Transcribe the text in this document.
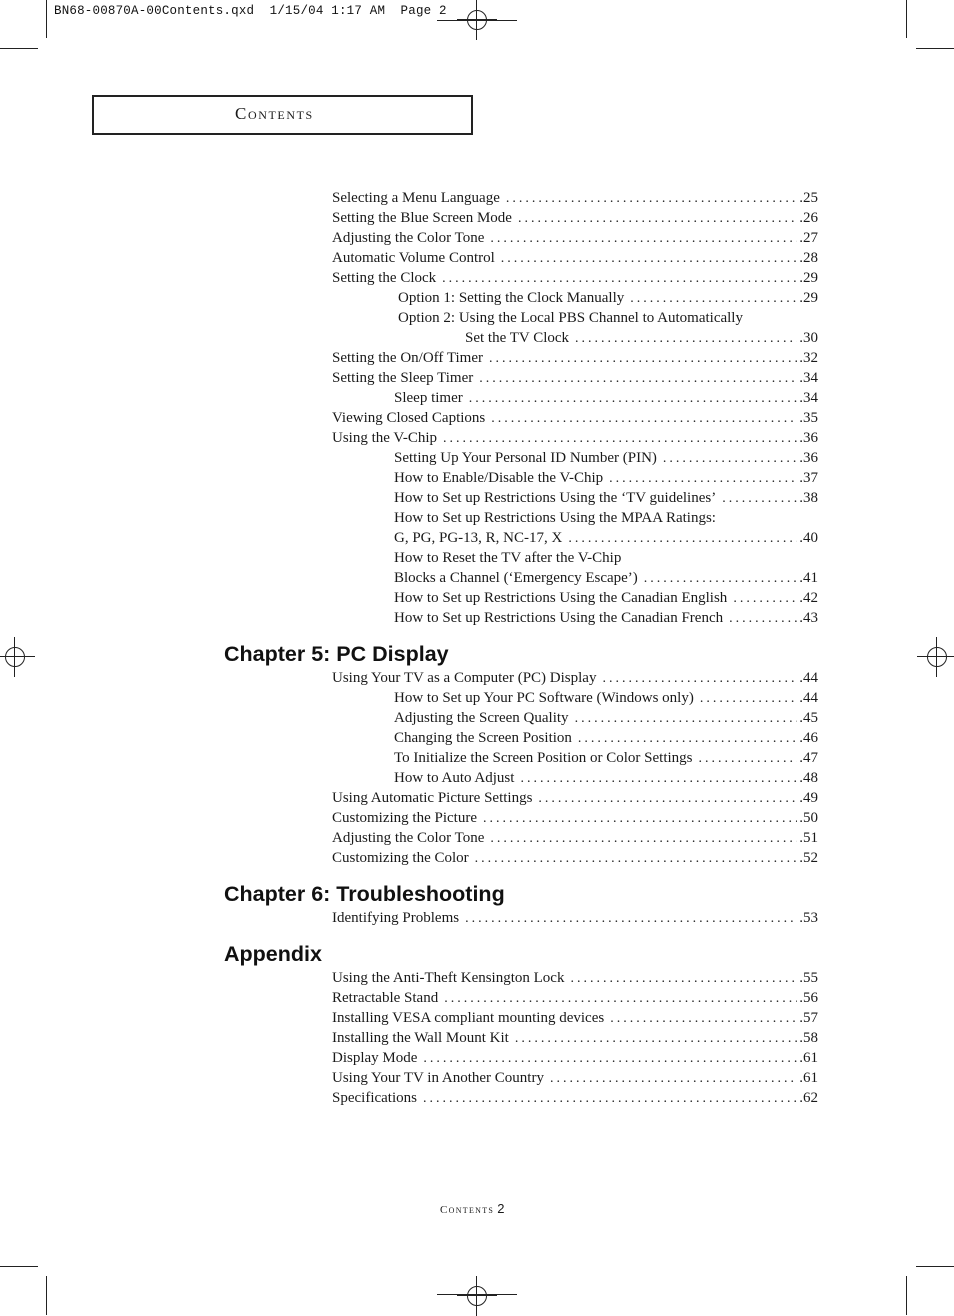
BN68-00870A-00Contents.qxd  1/15/04 1:17 AM  Page 2
Contents
Selecting a Menu Language . . .	.25
Setting the Blue Screen Mode . . .	.26
Adjusting the Color Tone . . .	.27
Automatic Volume Control . . .	.28
Setting the Clock . . .	.29
Option 1: Setting the Clock Manually . . .	.29
Option 2: Using the Local PBS Channel to Automatically
Set the TV Clock . . .	.30
Setting the On/Off Timer . . .	.32
Setting the Sleep Timer . . .	.34
Sleep timer . . .	.34
Viewing Closed Captions . . .	.35
Using the V-Chip . . .	.36
Setting Up Your Personal ID Number (PIN) . . .	.36
How to Enable/Disable the V-Chip . . .	.37
How to Set up Restrictions Using the ‘TV guidelines’ . . .	.38
How to Set up Restrictions Using the MPAA Ratings:
G, PG, PG-13, R, NC-17, X . . .	.40
How to Reset the TV after the V-Chip
Blocks a Channel (‘Emergency Escape’) . . .	.41
How to Set up Restrictions Using the Canadian English . . .	.42
How to Set up Restrictions Using the Canadian French . . .	.43
Chapter 5: PC Display
Using Your TV as a Computer (PC) Display . . .	.44
How to Set up Your PC Software (Windows only) . . .	.44
Adjusting the Screen Quality . . .	.45
Changing the Screen Position . . .	.46
To Initialize the Screen Position or Color Settings . . .	.47
How to Auto Adjust . . .	.48
Using Automatic Picture Settings . . .	.49
Customizing the Picture . . .	.50
Adjusting the Color Tone . . .	.51
Customizing the Color . . .	.52
Chapter 6: Troubleshooting
Identifying Problems . . .	.53
Appendix
Using the Anti-Theft Kensington Lock . . .	.55
Retractable Stand . . .	.56
Installing VESA compliant mounting devices . . .	.57
Installing the Wall Mount Kit . . .	.58
Display Mode . . .	.61
Using Your TV in Another Country . . .	.61
Specifications . . .	.62
Contents 2
